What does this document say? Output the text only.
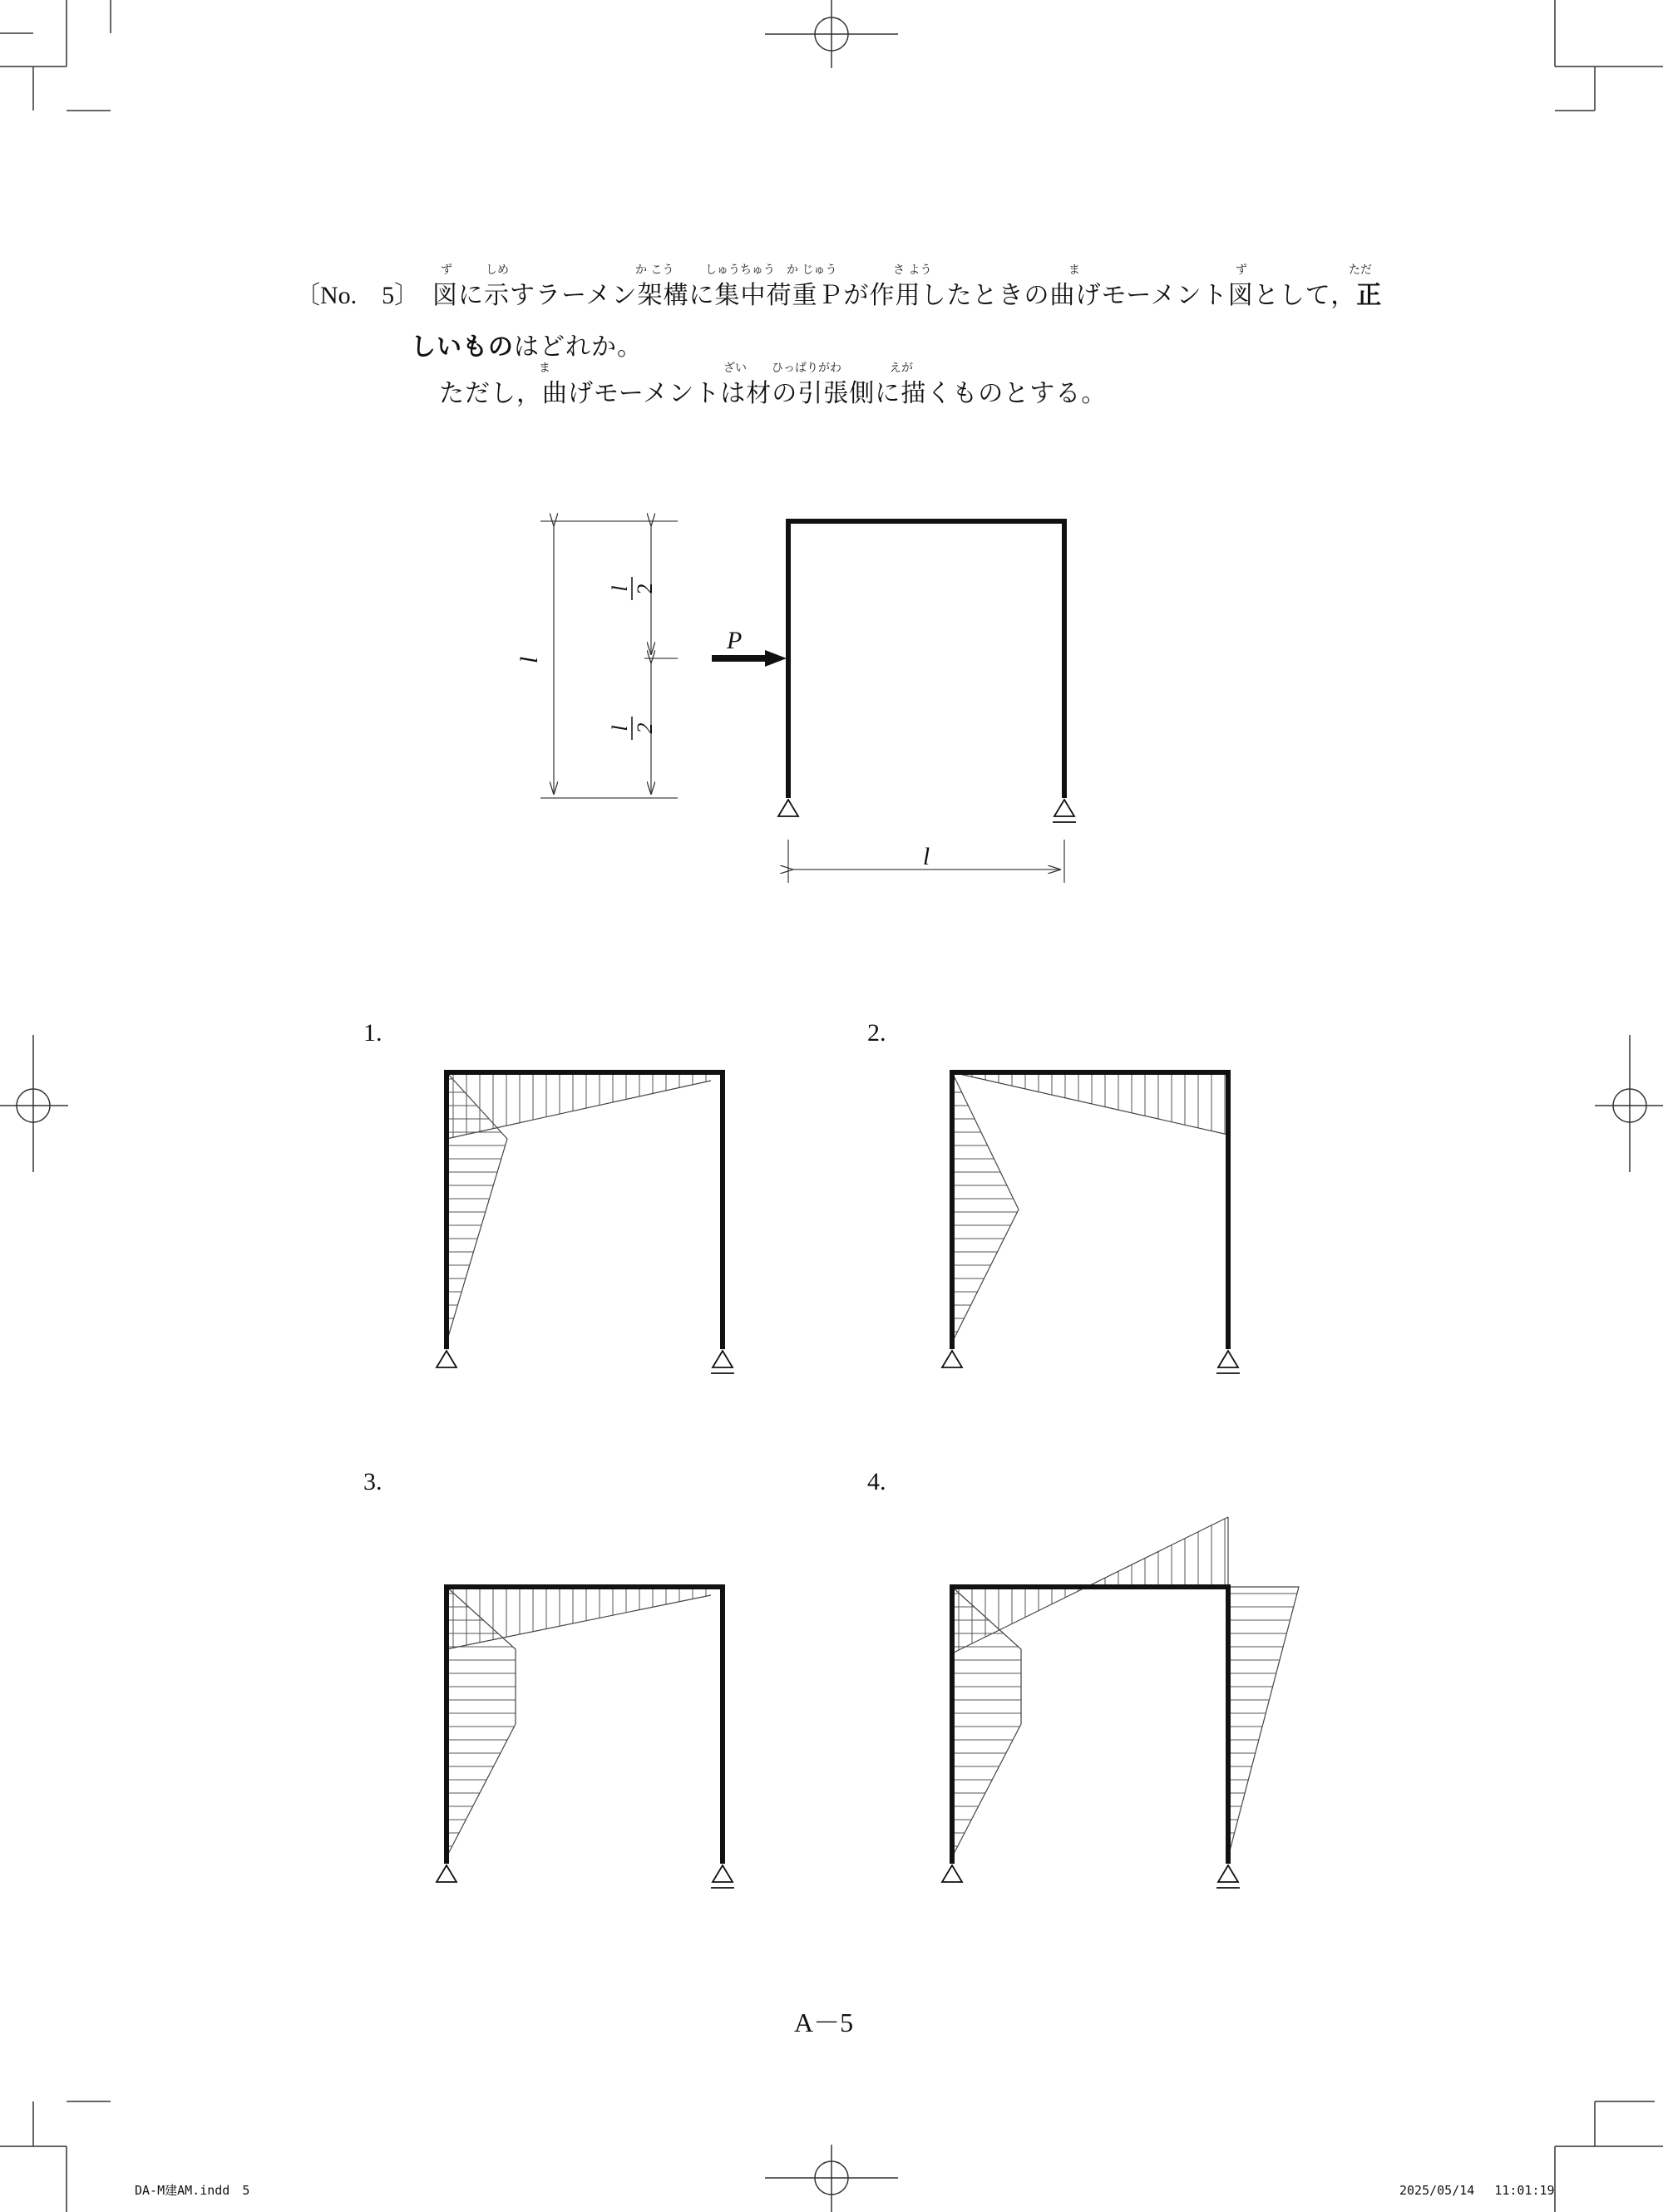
〔No.　5〕 図に示すラーメン架構に集中荷重Ｐが作用したときの曲げモーメント図として，正
しいものはどれか。
ただし，曲げモーメントは材の引張側に描くものとする。
ず	しめ	か こう	しゅうちゅう か じゅう	さ よう	ま	ず	ただ
ま	ざい ひっぱりがわ	えが
P
l
l
l 2
l 2
1.	2.
3.	4.
A－5
DA-M建AM.indd　5	2025/05/14　 11:01:19
